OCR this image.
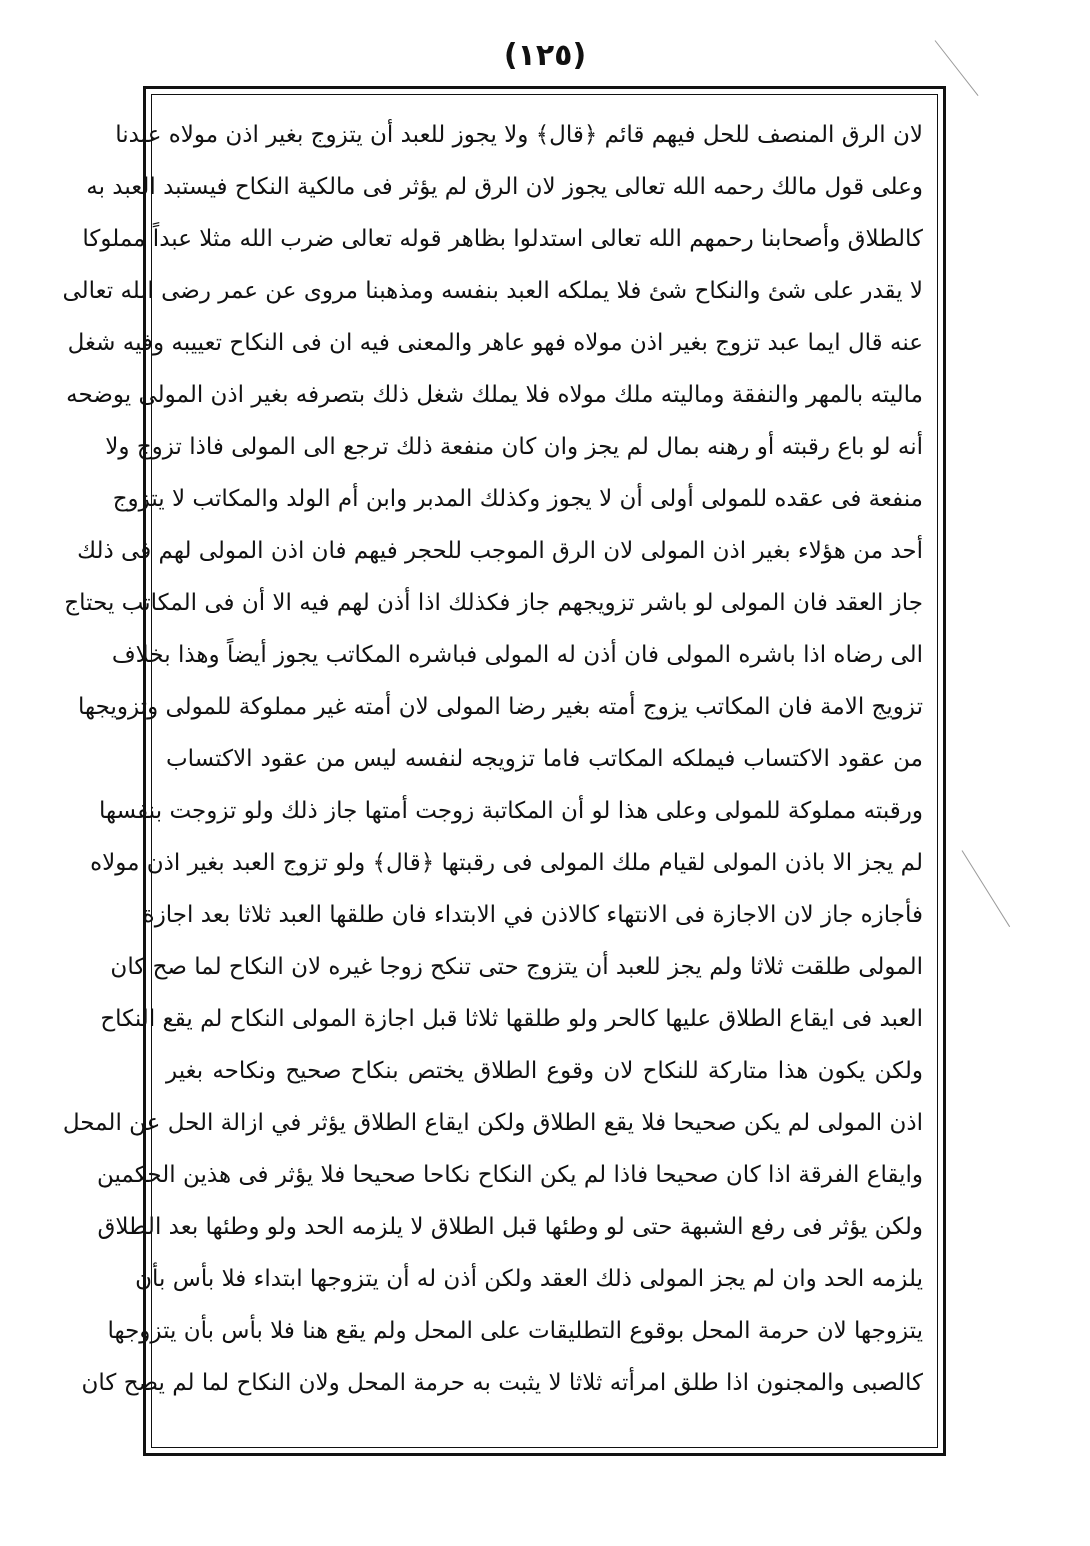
(١٢٥)
لان الرق المنصف للحل فيهم قائم ﴿قال﴾ ولا يجوز للعبد أن يتزوج بغير اذن مولاه عندنا
وعلى قول مالك رحمه الله تعالى يجوز لان الرق لم يؤثر فى مالكية النكاح فيستبد العبد به
كالطلاق وأصحابنا رحمهم الله تعالى استدلوا بظاهر قوله تعالى ضرب الله مثلا عبداً مملوكا
لا يقدر على شئ والنكاح شئ فلا يملكه العبد بنفسه ومذهبنا مروى عن عمر رضى الله تعالى
عنه قال ايما عبد تزوج بغير اذن مولاه فهو عاهر والمعنى فيه ان فى النكاح تعييبه وفيه شغل
ماليته بالمهر والنفقة وماليته ملك مولاه فلا يملك شغل ذلك بتصرفه بغير اذن المولى يوضحه
أنه لو باع رقبته أو رهنه بمال لم يجز وان كان منفعة ذلك ترجع الى المولى فاذا تزوج ولا
منفعة فى عقده للمولى أولى أن لا يجوز وكذلك المدبر وابن أم الولد والمكاتب لا يتزوج
أحد من هؤلاء بغير اذن المولى لان الرق الموجب للحجر فيهم فان اذن المولى لهم فى ذلك
جاز العقد فان المولى لو باشر تزويجهم جاز فكذلك اذا أذن لهم فيه الا أن فى المكاتب يحتاج
الى رضاه اذا باشره المولى فان أذن له المولى فباشره المكاتب يجوز أيضاً وهذا بخلاف
تزويج الامة فان المكاتب يزوج أمته بغير رضا المولى لان أمته غير مملوكة للمولى وتزويجها
من عقود الاكتساب فيملكه المكاتب فاما تزويجه لنفسه ليس من عقود الاكتساب
ورقبته مملوكة للمولى وعلى هذا لو أن المكاتبة زوجت أمتها جاز ذلك ولو تزوجت بنفسها
لم يجز الا باذن المولى لقيام ملك المولى فى رقبتها ﴿قال﴾ ولو تزوج العبد بغير اذن مولاه
فأجازه جاز لان الاجازة فى الانتهاء كالاذن في الابتداء فان طلقها العبد ثلاثا بعد اجازة
المولى طلقت ثلاثا ولم يجز للعبد أن يتزوج حتى تنكح زوجا غيره لان النكاح لما صح كان
العبد فى ايقاع الطلاق عليها كالحر ولو طلقها ثلاثا قبل اجازة المولى النكاح لم يقع النكاح
ولكن يكون هذا متاركة للنكاح لان وقوع الطلاق يختص بنكاح صحيح ونكاحه بغير
اذن المولى لم يكن صحيحا فلا يقع الطلاق ولكن ايقاع الطلاق يؤثر في ازالة الحل عن المحل
وايقاع الفرقة اذا كان صحيحا فاذا لم يكن النكاح نكاحا صحيحا فلا يؤثر فى هذين الحكمين
ولكن يؤثر فى رفع الشبهة حتى لو وطئها قبل الطلاق لا يلزمه الحد ولو وطئها بعد الطلاق
يلزمه الحد وان لم يجز المولى ذلك العقد ولكن أذن له أن يتزوجها ابتداء فلا بأس بأن
يتزوجها لان حرمة المحل بوقوع التطليقات على المحل ولم يقع هنا فلا بأس بأن يتزوجها
كالصبى والمجنون اذا طلق امرأته ثلاثا لا يثبت به حرمة المحل ولان النكاح لما لم يصح كان
